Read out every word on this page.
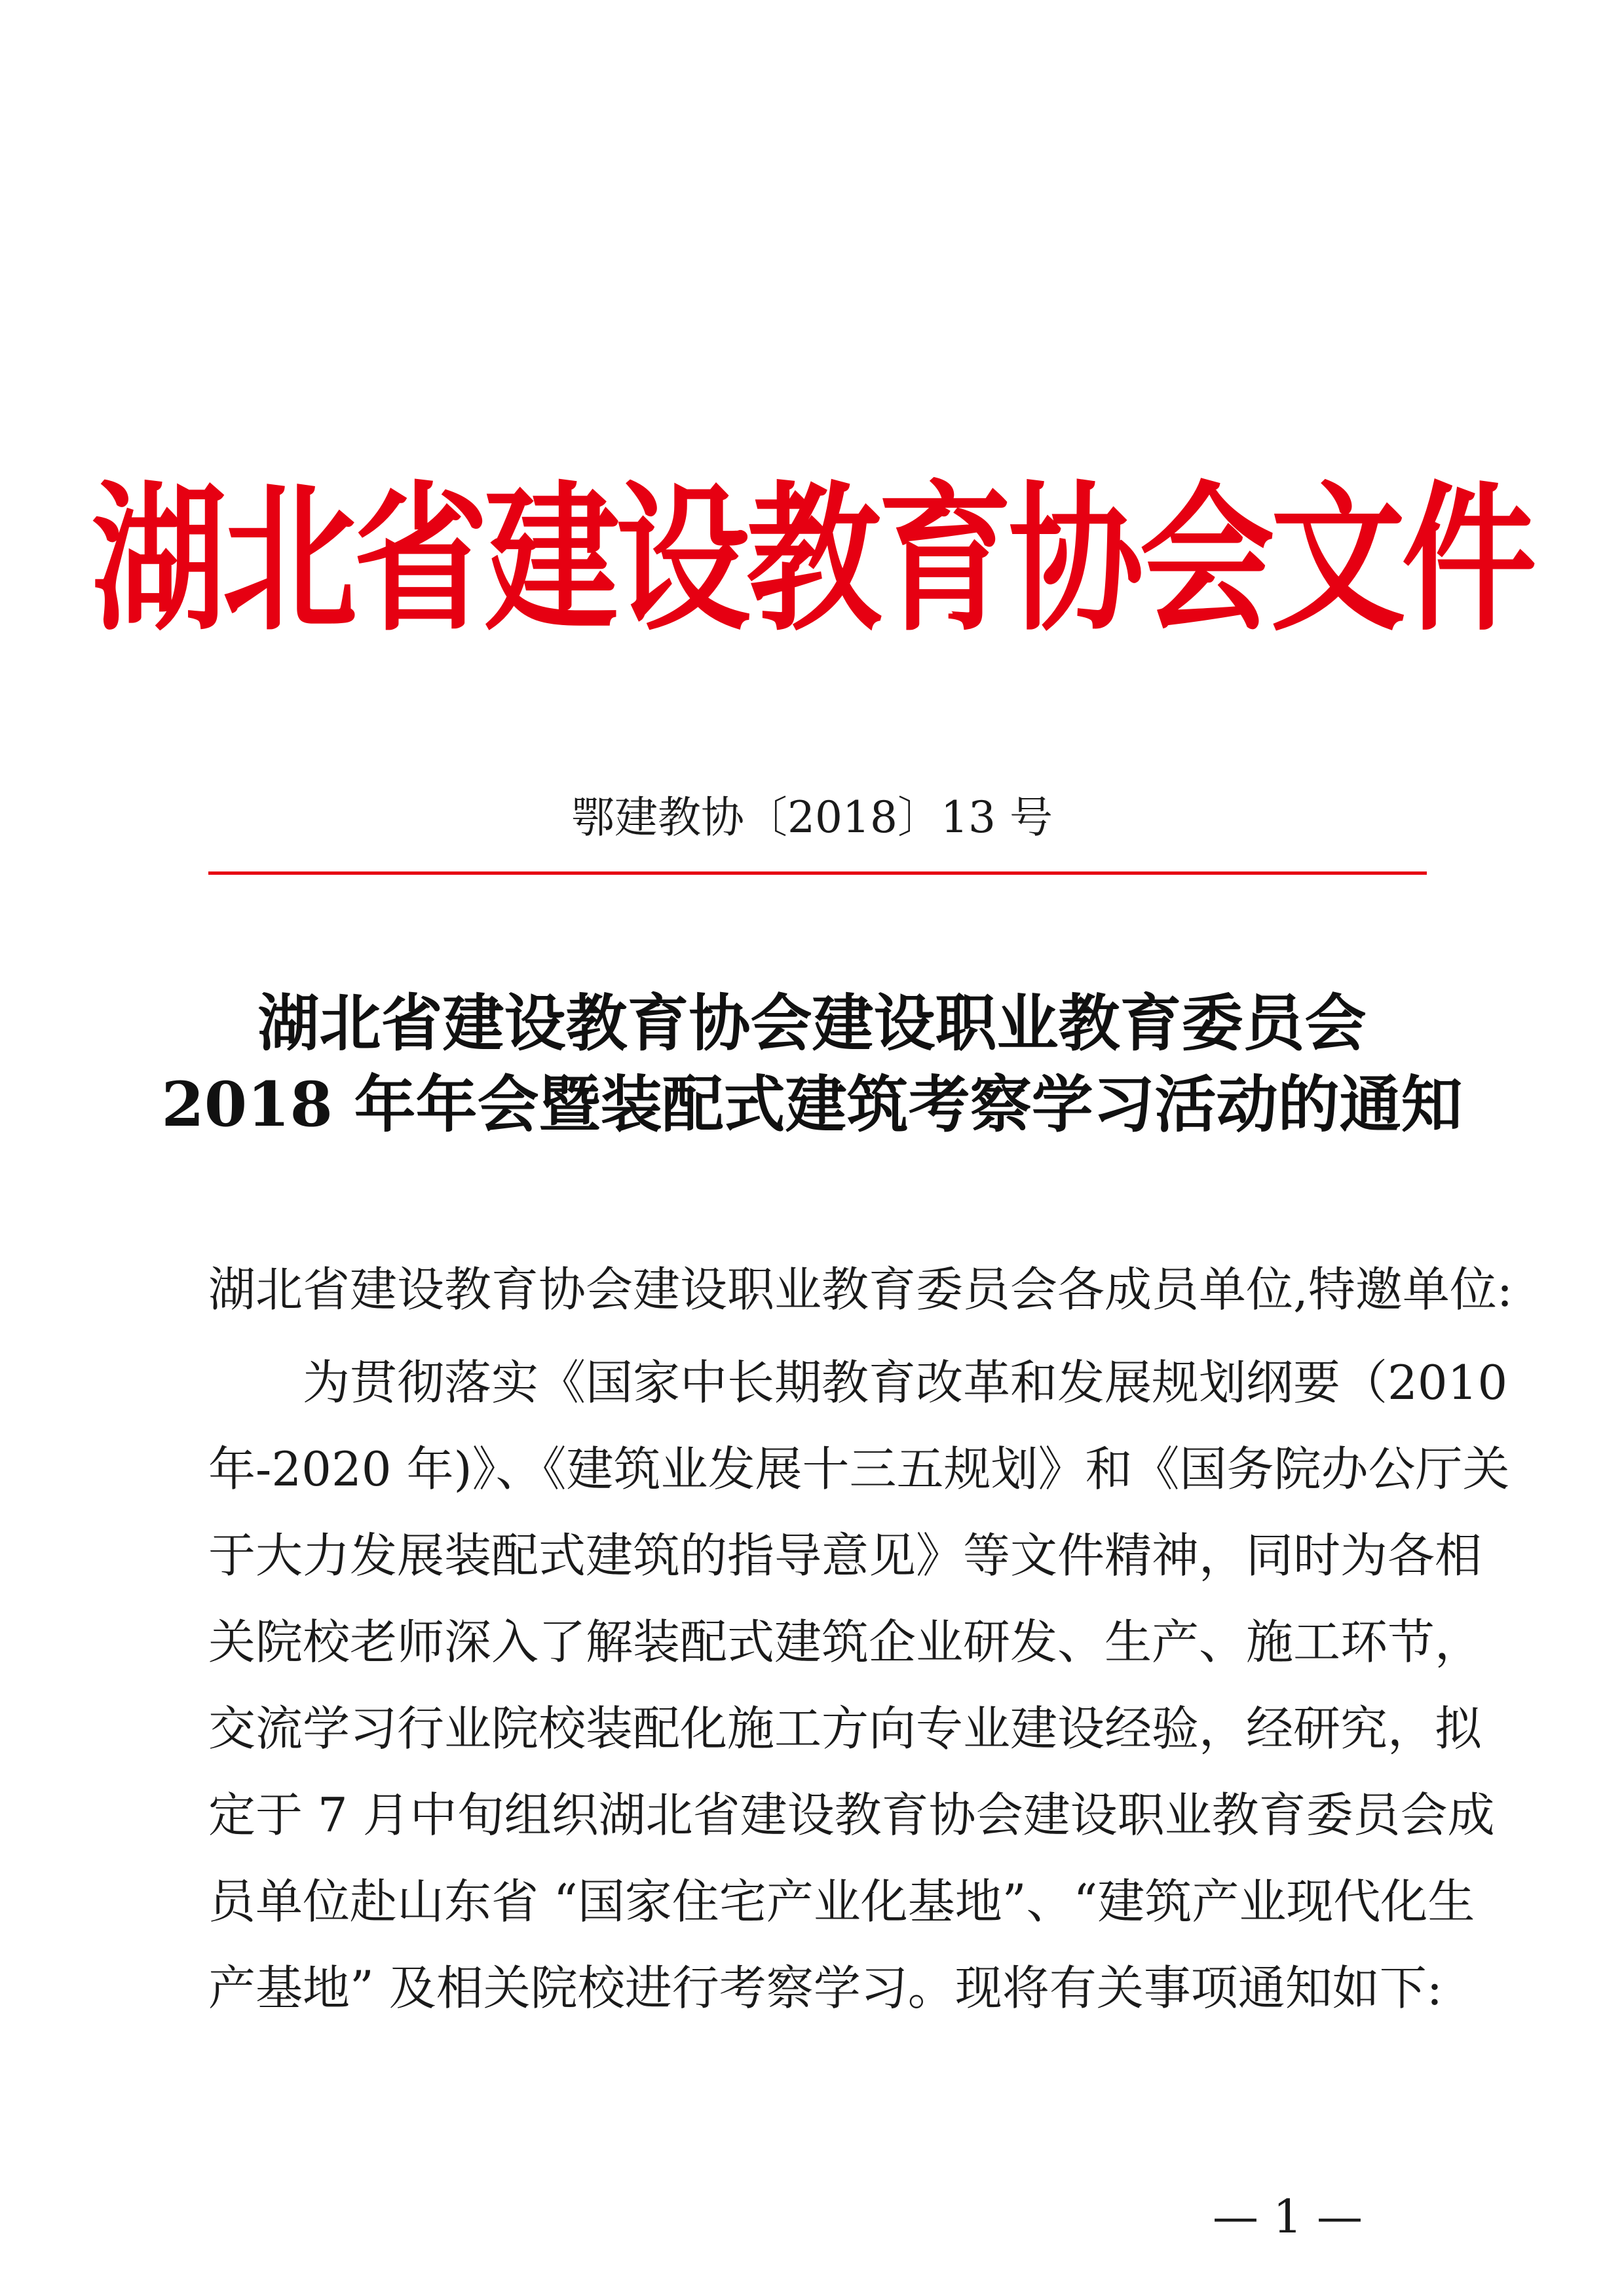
湖北省建设教育协会文件
鄂建教协〔2018〕13 号
湖北省建设教育协会建设职业教育委员会
2018 年年会暨装配式建筑考察学习活动的通知
湖北省建设教育协会建设职业教育委员会各成员单位,特邀单位:
为贯彻落实《国家中长期教育改革和发展规划纲要（2010
年-2020 年)》、《建筑业发展十三五规划》和《国务院办公厅关
于大力发展装配式建筑的指导意见》等文件精神，同时为各相
关院校老师深入了解装配式建筑企业研发、生产、施工环节，
交流学习行业院校装配化施工方向专业建设经验，经研究，拟
定于 7 月中旬组织湖北省建设教育协会建设职业教育委员会成
员单位赴山东省 “国家住宅产业化基地”、“建筑产业现代化生
产基地” 及相关院校进行考察学习。现将有关事项通知如下:
— 1 —
